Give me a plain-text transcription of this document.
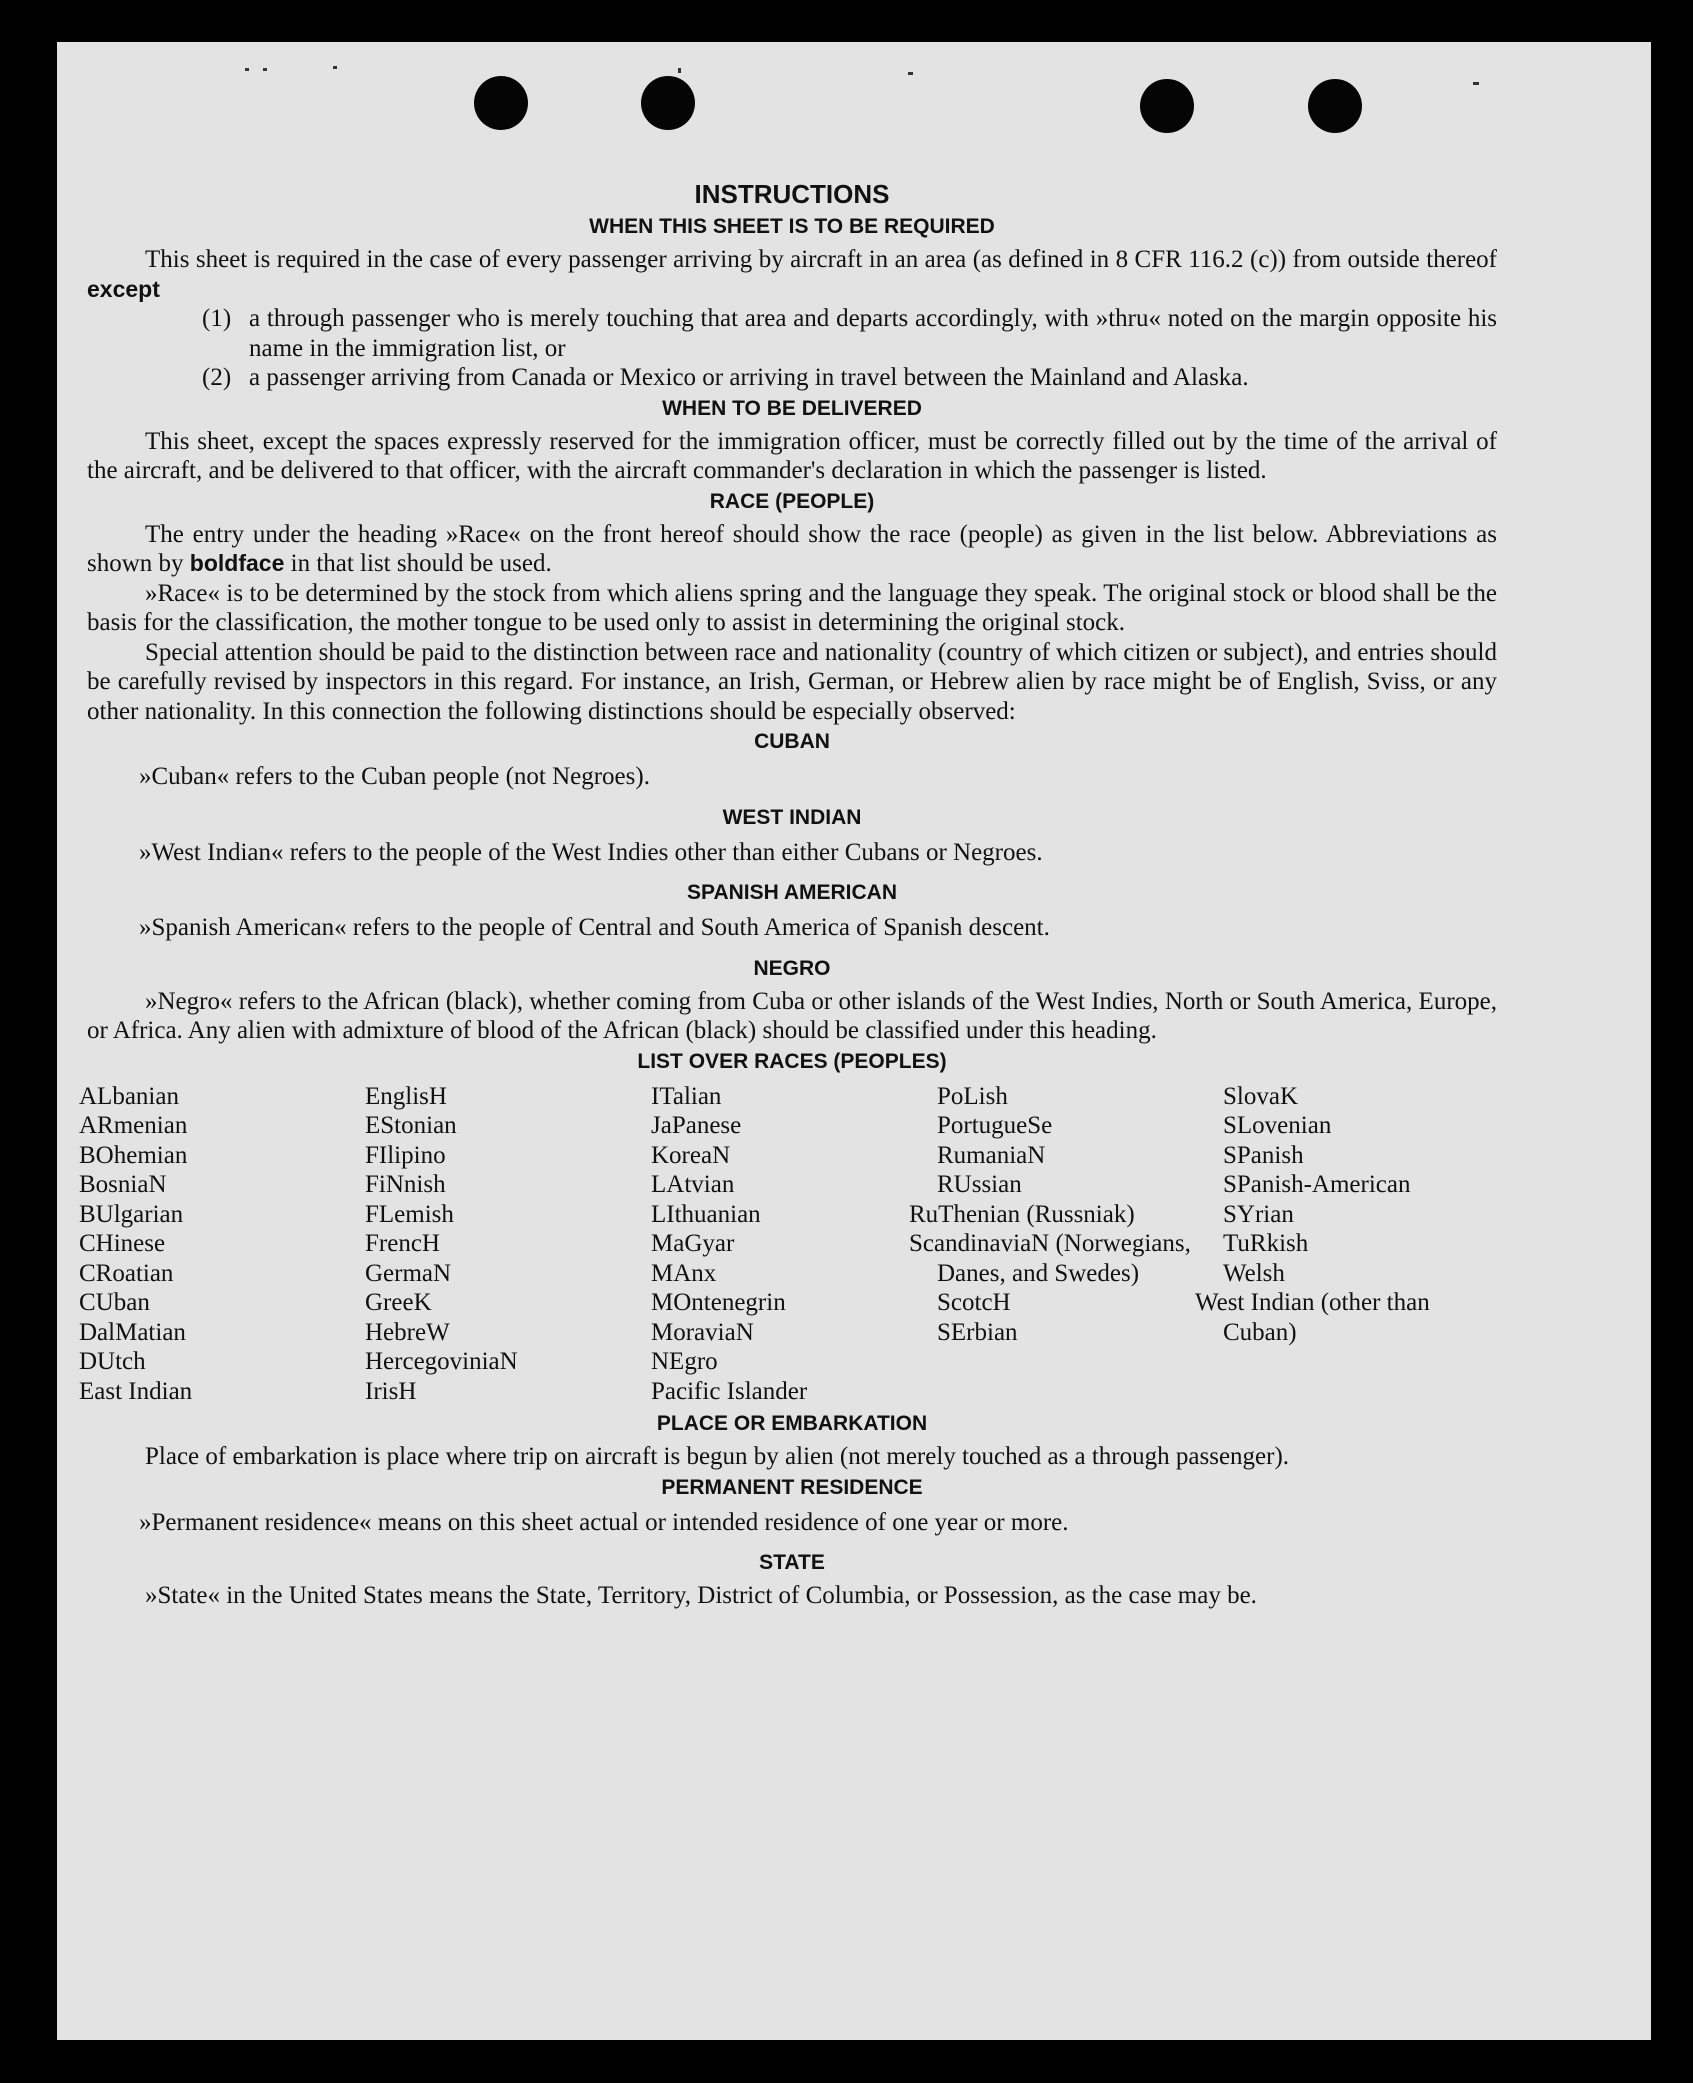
INSTRUCTIONS
WHEN THIS SHEET IS TO BE REQUIRED

This sheet is required in the case of every passenger arriving by aircraft in an area (as defined in 8 CFR 116.2 (c)) from outside thereof except

(1) a through passenger who is merely touching that area and departs accordingly, with »thru« noted on the margin opposite his name in the immigration list, or
(2) a passenger arriving from Canada or Mexico or arriving in travel between the Mainland and Alaska.
WHEN TO BE DELIVERED

This sheet, except the spaces expressly reserved for the immigration officer, must be correctly filled out by the time of the arrival of the aircraft, and be delivered to that officer, with the aircraft commander's declaration in which the passenger is listed.

RACE (PEOPLE)

The entry under the heading »Race« on the front hereof should show the race (people) as given in the list below. Abbreviations as shown by boldface in that list should be used.

»Race« is to be determined by the stock from which aliens spring and the language they speak. The original stock or blood shall be the basis for the classification, the mother tongue to be used only to assist in determining the original stock.

Special attention should be paid to the distinction between race and nationality (country of which citizen or subject), and entries should be carefully revised by inspectors in this regard. For instance, an Irish, German, or Hebrew alien by race might be of English, Sviss, or any other nationality. In this connection the following distinctions should be especially observed:

CUBAN

»Cuban« refers to the Cuban people (not Negroes).

WEST INDIAN

»West Indian« refers to the people of the West Indies other than either Cubans or Negroes.

SPANISH AMERICAN

»Spanish American« refers to the people of Central and South America of Spanish descent.

NEGRO

»Negro« refers to the African (black), whether coming from Cuba or other islands of the West Indies, North or South America, Europe, or Africa. Any alien with admixture of blood of the African (black) should be classified under this heading.

LIST OVER RACES (PEOPLES)
ALbanian
ARmenian
BOhemian
BosniaN
BUlgarian
CHinese
CRoatian
CUban
DalMatian
DUtch
East Indian
EnglisH
EStonian
FIlipino
FiNnish
FLemish
FrencH
GermaN
GreeK
HebreW
HercegoviniaN
IrisH
ITalian
JaPanese
KoreaN
LAtvian
LIthuanian
MaGyar
MAnx
MOntenegrin
MoraviaN
NEgro
Pacific Islander
PoLish
PortugueSe
RumaniaN
RUssian
RuThenian (Russniak)
ScandinaviaN (Norwegians, Danes, and Swedes)
ScotcH
SErbian
SlovaK
SLovenian
SPanish
SPanish-American
SYrian
TuRkish
Welsh
West Indian (other than Cuban)
PLACE OR EMBARKATION

Place of embarkation is place where trip on aircraft is begun by alien (not merely touched as a through passenger).

PERMANENT RESIDENCE

»Permanent residence« means on this sheet actual or intended residence of one year or more.

STATE

»State« in the United States means the State, Territory, District of Columbia, or Possession, as the case may be.
